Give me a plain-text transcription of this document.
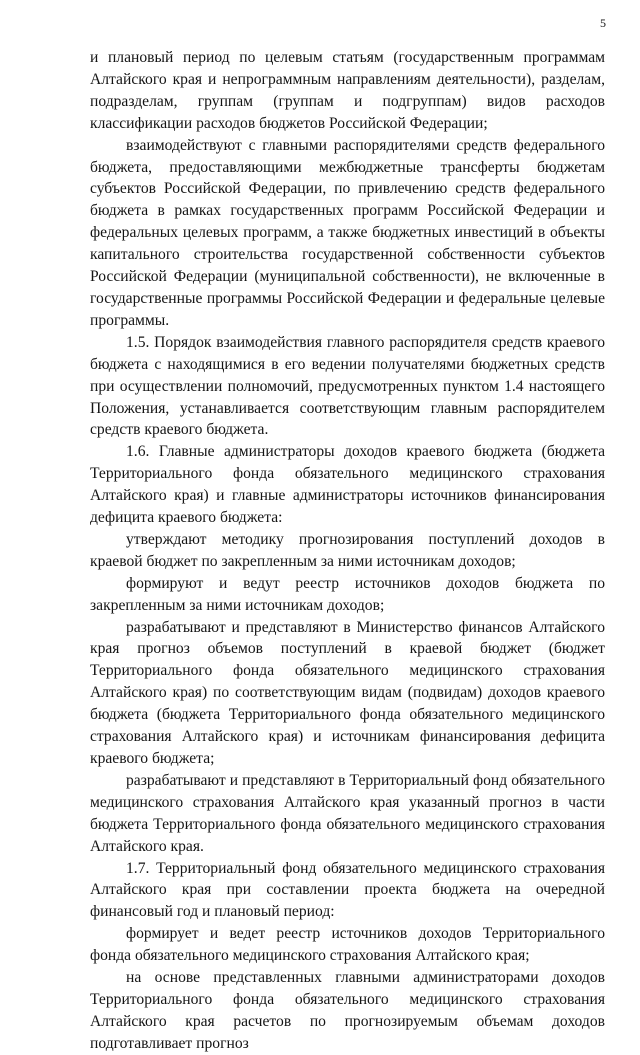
5

и плановый период по целевым статьям (государственным программам Алтайского края и непрограммным направлениям деятельности), разделам, подразделам, группам (группам и подгруппам) видов расходов классификации расходов бюджетов Российской Федерации;

взаимодействуют с главными распорядителями средств федерального бюджета, предоставляющими межбюджетные трансферты бюджетам субъектов Российской Федерации, по привлечению средств федерального бюджета в рамках государственных программ Российской Федерации и федеральных целевых программ, а также бюджетных инвестиций в объекты капитального строительства государственной собственности субъектов Российской Федерации (муниципальной собственности), не включенные в государственные программы Российской Федерации и федеральные целевые программы.

1.5. Порядок взаимодействия главного распорядителя средств краевого бюджета с находящимися в его ведении получателями бюджетных средств при осуществлении полномочий, предусмотренных пунктом 1.4 настоящего Положения, устанавливается соответствующим главным распорядителем средств краевого бюджета.

1.6. Главные администраторы доходов краевого бюджета (бюджета Территориального фонда обязательного медицинского страхования Алтайского края) и главные администраторы источников финансирования дефицита краевого бюджета:

утверждают методику прогнозирования поступлений доходов в краевой бюджет по закрепленным за ними источникам доходов;

формируют и ведут реестр источников доходов бюджета по закрепленным за ними источникам доходов;

разрабатывают и представляют в Министерство финансов Алтайского края прогноз объемов поступлений в краевой бюджет (бюджет Территориального фонда обязательного медицинского страхования Алтайского края) по соответствующим видам (подвидам) доходов краевого бюджета (бюджета Территориального фонда обязательного медицинского страхования Алтайского края) и источникам финансирования дефицита краевого бюджета;

разрабатывают и представляют в Территориальный фонд обязательного медицинского страхования Алтайского края указанный прогноз в части бюджета Территориального фонда обязательного медицинского страхования Алтайского края.

1.7. Территориальный фонд обязательного медицинского страхования Алтайского края при составлении проекта бюджета на очередной финансовый год и плановый период:

формирует и ведет реестр источников доходов Территориального фонда обязательного медицинского страхования Алтайского края;

на основе представленных главными администраторами доходов Территориального фонда обязательного медицинского страхования Алтайского края расчетов по прогнозируемым объемам доходов подготавливает прогноз
